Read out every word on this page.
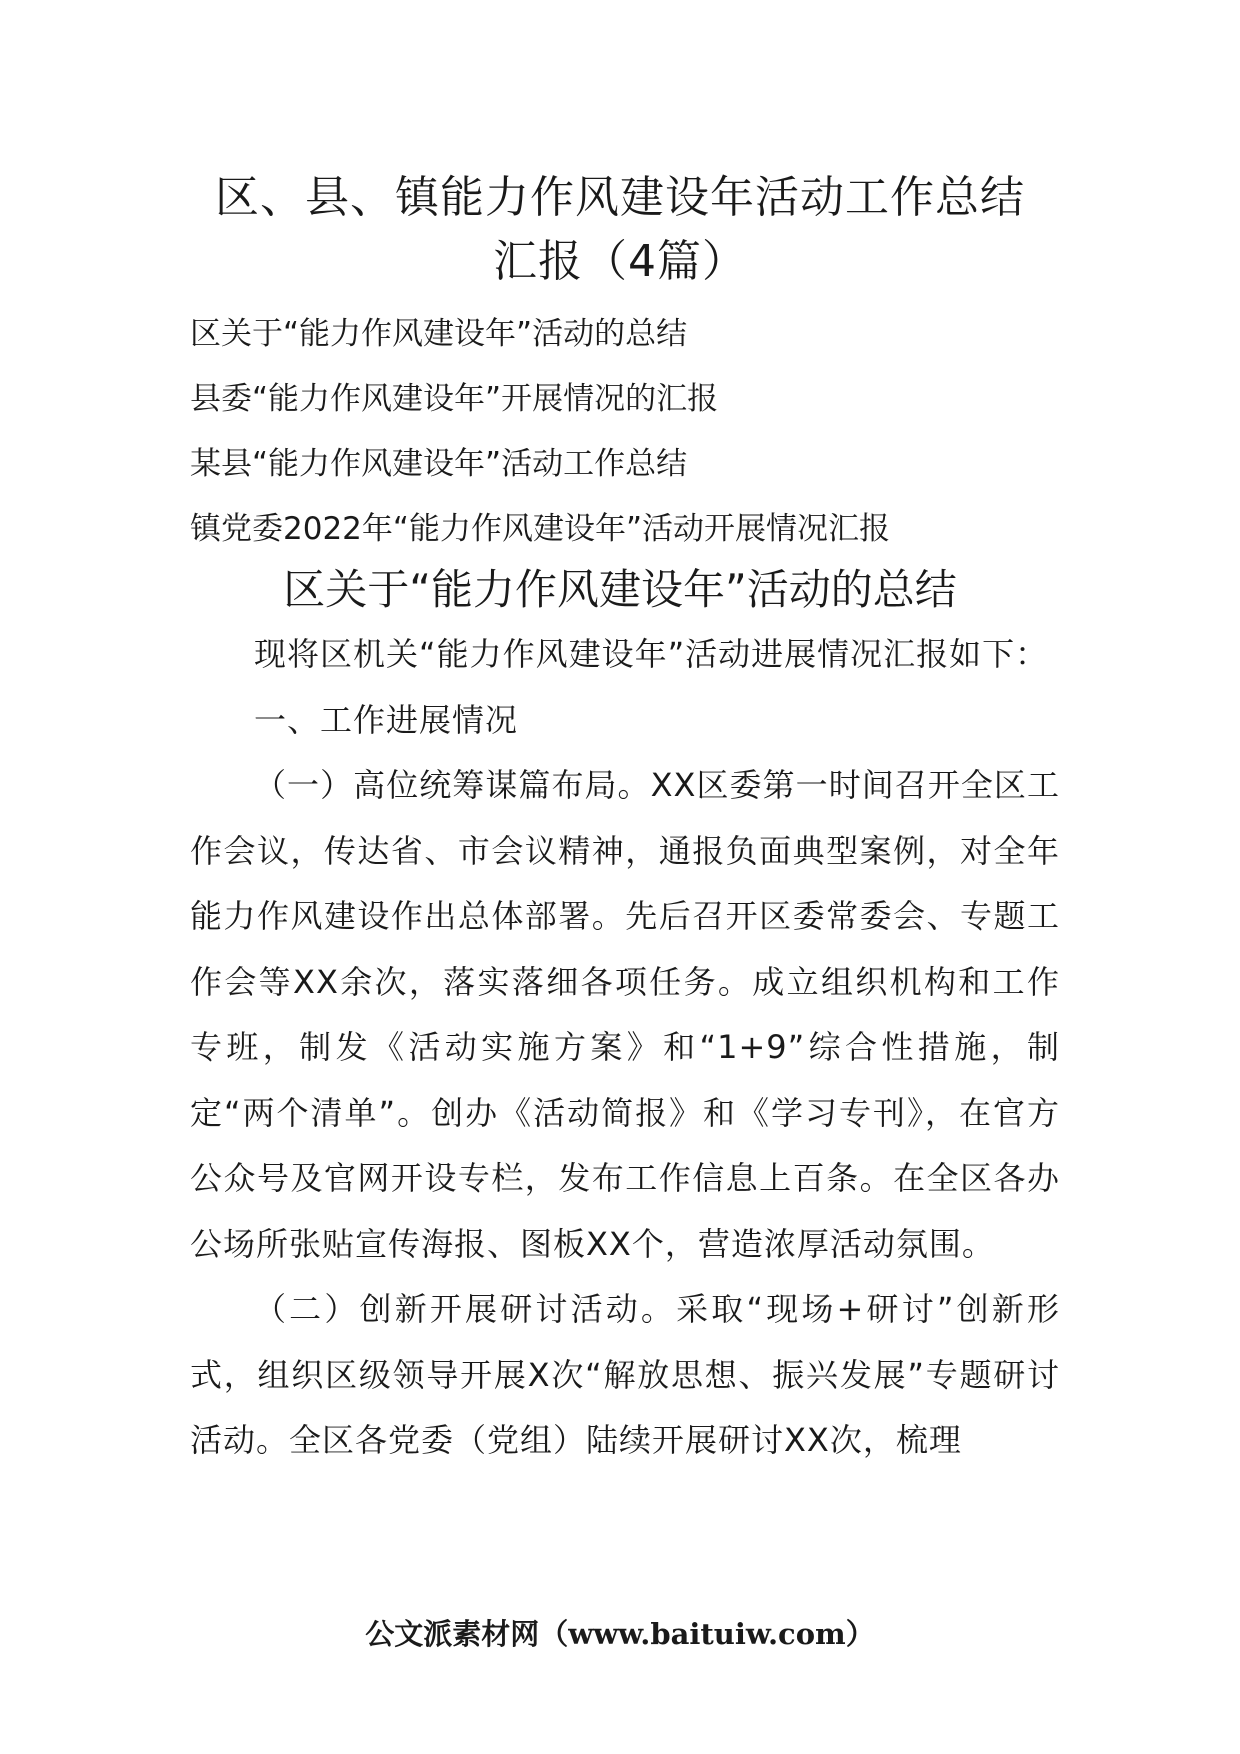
区、县、镇能力作风建设年活动工作总结
汇报（4篇）
区关于“能力作风建设年”活动的总结
县委“能力作风建设年”开展情况的汇报
某县“能力作风建设年”活动工作总结
镇党委2022年“能力作风建设年”活动开展情况汇报
区关于“能力作风建设年”活动的总结

现将区机关“能力作风建设年”活动进展情况汇报如下：

一、工作进展情况

（一）高位统筹谋篇布局。XX区委第一时间召开全区工作会议，传达省、市会议精神，通报负面典型案例，对全年能力作风建设作出总体部署。先后召开区委常委会、专题工作会等XX余次，落实落细各项任务。成立组织机构和工作专班，制发《活动实施方案》和“1+9”综合性措施，制定“两个清单”。创办《活动简报》和《学习专刊》，在官方公众号及官网开设专栏，发布工作信息上百条。在全区各办公场所张贴宣传海报、图板XX个，营造浓厚活动氛围。

（二）创新开展研讨活动。采取“现场+研讨”创新形式，组织区级领导开展X次“解放思想、振兴发展”专题研讨活动。全区各党委（党组）陆续开展研讨XX次，梳理

公文派素材网（www.baituiw.com）
